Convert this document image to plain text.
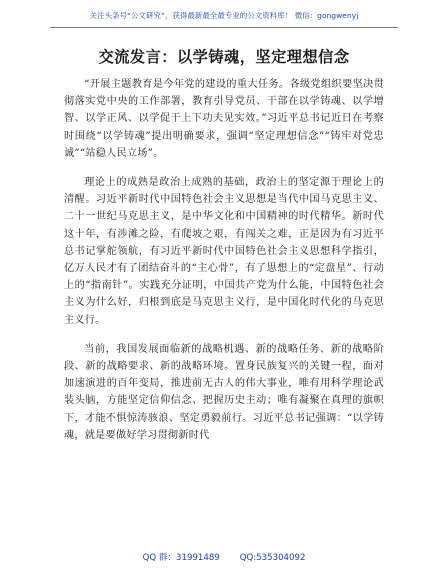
关注头条号“公文研究”，获得最新最全最专业的公文资料库！ 微信：gongwenyj
交流发言：以学铸魂，坚定理想信念

“开展主题教育是今年党的建设的重大任务。各级党组织要坚决贯彻落实党中央的工作部署，教育引导党员、干部在以学铸魂、以学增智、以学正风、以学促干上下功夫见实效。”习近平总书记近日在考察时围绕“以学铸魂”提出明确要求，强调“坚定理想信念”“铸牢对党忠诚”“站稳人民立场”。

理论上的成熟是政治上成熟的基础，政治上的坚定源于理论上的清醒。习近平新时代中国特色社会主义思想是当代中国马克思主义、二十一世纪马克思主义，是中华文化和中国精神的时代精华。新时代这十年，有涉滩之险，有爬坡之艰，有闯关之难，正是因为有习近平总书记掌舵领航，有习近平新时代中国特色社会主义思想科学指引，亿万人民才有了团结奋斗的“主心骨”，有了思想上的“定盘星”、行动上的“指南针”。实践充分证明，中国共产党为什么能，中国特色社会主义为什么好，归根到底是马克思主义行，是中国化时代化的马克思主义行。

当前，我国发展面临新的战略机遇、新的战略任务、新的战略阶段、新的战略要求、新的战略环境。置身民族复兴的关键一程，面对加速演进的百年变局，推进前无古人的伟大事业，唯有用科学理论武装头脑，方能坚定信仰信念、把握历史主动；唯有凝聚在真理的旗帜下，才能不惧惊涛骇浪、坚定勇毅前行。习近平总书记强调：“以学铸魂，就是要做好学习贯彻新时代

QQ 群：31991489 QQ:535304092
